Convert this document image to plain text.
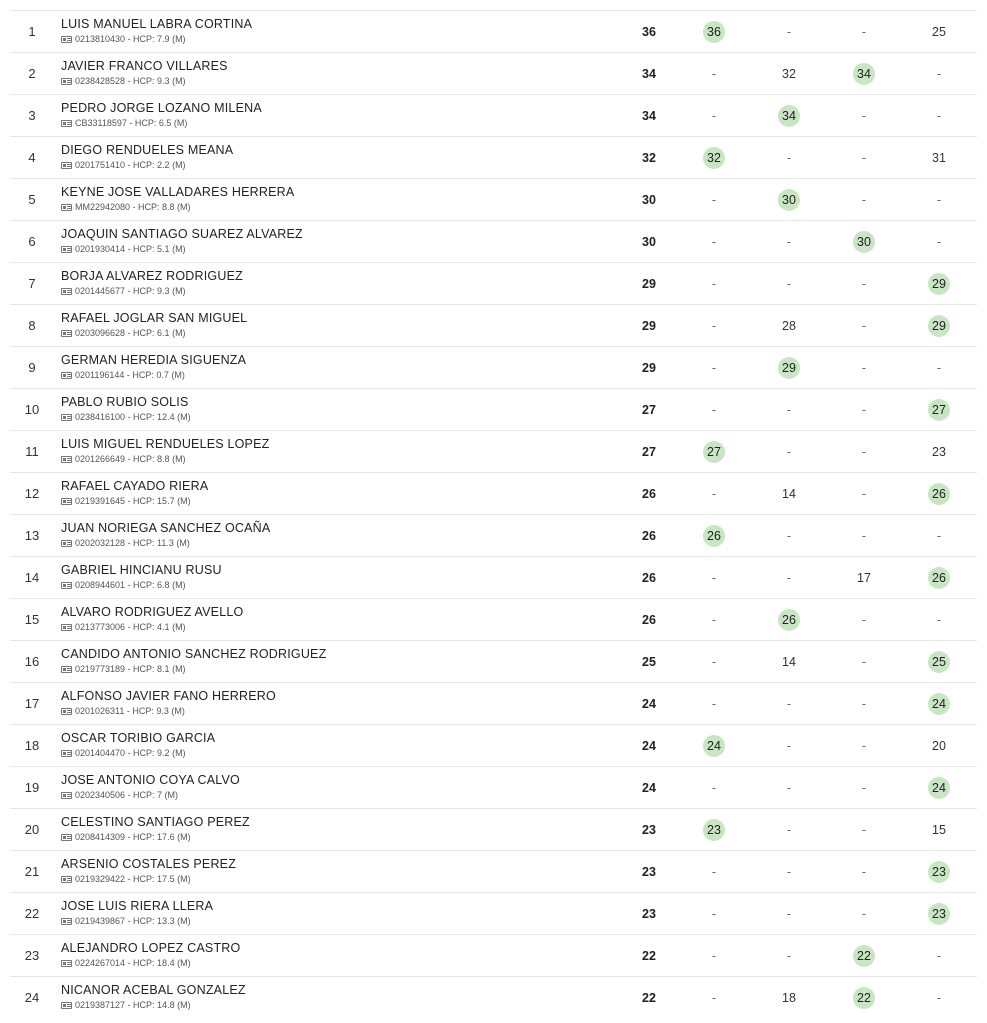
1	LUIS MANUEL LABRA CORTINA
0213810430 - HCP: 7.9 (M)
36	36	-	-	25
2	JAVIER FRANCO VILLARES
0238428528 - HCP: 9.3 (M)
34	-	32	34	-
3	PEDRO JORGE LOZANO MILENA
CB33118597 - HCP: 6.5 (M)
34	-	34	-	-
4	DIEGO RENDUELES MEANA
0201751410 - HCP: 2.2 (M)
32	32	-	-	31
5	KEYNE JOSE VALLADARES HERRERA
MM22942080 - HCP: 8.8 (M)
30	-	30	-	-
6	JOAQUIN SANTIAGO SUAREZ ALVAREZ
0201930414 - HCP: 5.1 (M)
30	-	-	30	-
7	BORJA ALVAREZ RODRIGUEZ
0201445677 - HCP: 9.3 (M)
29	-	-	-	29
8	RAFAEL JOGLAR SAN MIGUEL
0203096628 - HCP: 6.1 (M)
29	-	28	-	29
9	GERMAN HEREDIA SIGUENZA
0201196144 - HCP: 0.7 (M)
29	-	29	-	-
10	PABLO RUBIO SOLIS
0238416100 - HCP: 12.4 (M)
27	-	-	-	27
11	LUIS MIGUEL RENDUELES LOPEZ
0201266649 - HCP: 8.8 (M)
27	27	-	-	23
12	RAFAEL CAYADO RIERA
0219391645 - HCP: 15.7 (M)
26	-	14	-	26
13	JUAN NORIEGA SANCHEZ OCAÑA
0202032128 - HCP: 11.3 (M)
26	26	-	-	-
14	GABRIEL HINCIANU RUSU
0208944601 - HCP: 6.8 (M)
26	-	-	17	26
15	ALVARO RODRIGUEZ AVELLO
0213773006 - HCP: 4.1 (M)
26	-	26	-	-
16	CANDIDO ANTONIO SANCHEZ RODRIGUEZ
0219773189 - HCP: 8.1 (M)
25	-	14	-	25
17	ALFONSO JAVIER FANO HERRERO
0201026311 - HCP: 9.3 (M)
24	-	-	-	24
18	OSCAR TORIBIO GARCIA
0201404470 - HCP: 9.2 (M)
24	24	-	-	20
19	JOSE ANTONIO COYA CALVO
0202340506 - HCP: 7 (M)
24	-	-	-	24
20	CELESTINO SANTIAGO PEREZ
0208414309 - HCP: 17.6 (M)
23	23	-	-	15
21	ARSENIO COSTALES PEREZ
0219329422 - HCP: 17.5 (M)
23	-	-	-	23
22	JOSE LUIS RIERA LLERA
0219439867 - HCP: 13.3 (M)
23	-	-	-	23
23	ALEJANDRO LOPEZ CASTRO
0224267014 - HCP: 18.4 (M)
22	-	-	22	-
24	NICANOR ACEBAL GONZALEZ
0219387127 - HCP: 14.8 (M)
22	-	18	22	-
